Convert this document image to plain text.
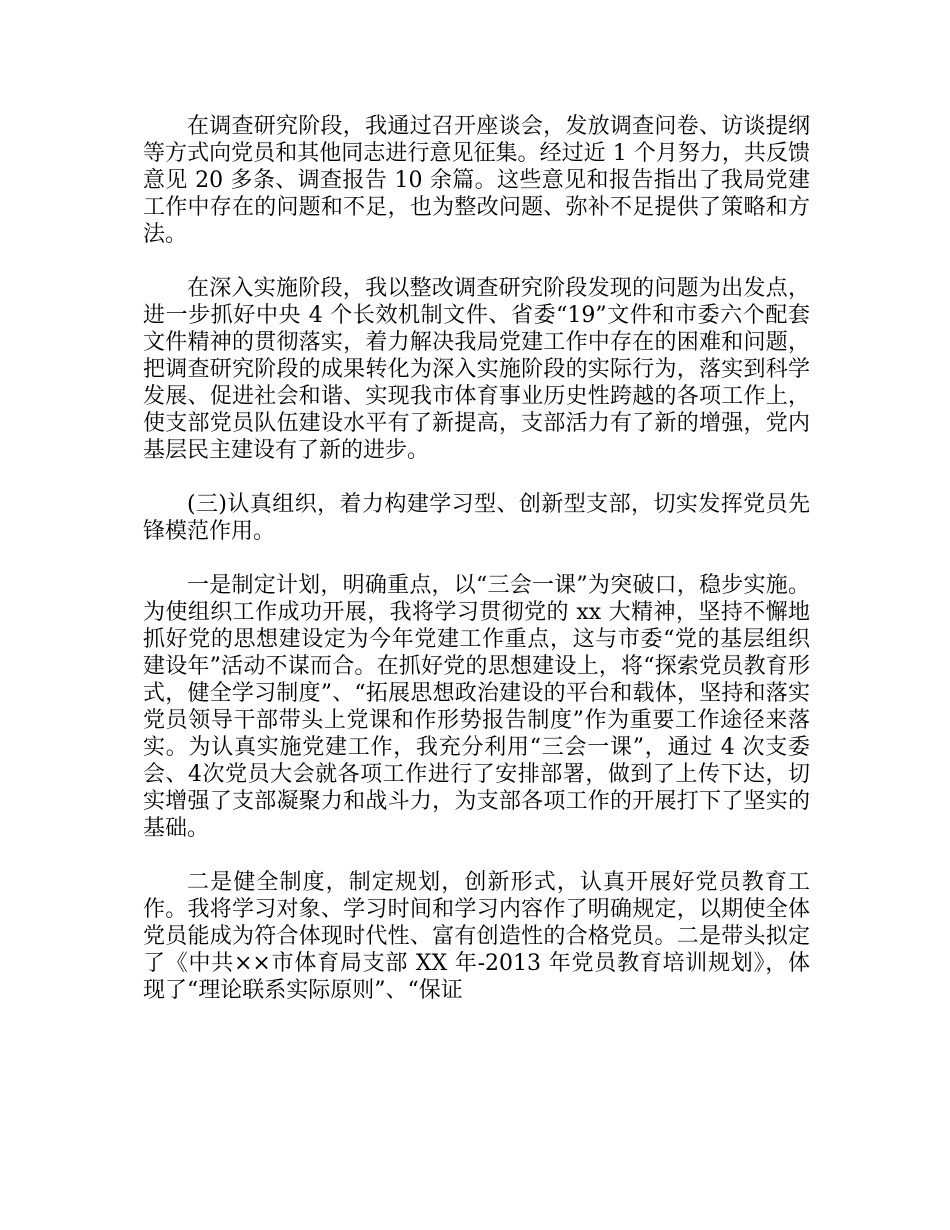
在调查研究阶段，我通过召开座谈会，发放调查问卷、访谈提纲等方式向党员和其他同志进行意见征集。经过近 1 个月努力，共反馈意见 20 多条、调查报告 10 余篇。这些意见和报告指出了我局党建工作中存在的问题和不足，也为整改问题、弥补不足提供了策略和方法。
在深入实施阶段，我以整改调查研究阶段发现的问题为出发点，进一步抓好中央 4 个长效机制文件、省委“19”文件和市委六个配套文件精神的贯彻落实，着力解决我局党建工作中存在的困难和问题，把调查研究阶段的成果转化为深入实施阶段的实际行为，落实到科学发展、促进社会和谐、实现我市体育事业历史性跨越的各项工作上，使支部党员队伍建设水平有了新提高，支部活力有了新的增强，党内基层民主建设有了新的进步。
(三)认真组织，着力构建学习型、创新型支部，切实发挥党员先锋模范作用。
一是制定计划，明确重点，以“三会一课”为突破口，稳步实施。为使组织工作成功开展，我将学习贯彻党的 xx 大精神，坚持不懈地抓好党的思想建设定为今年党建工作重点，这与市委“党的基层组织建设年”活动不谋而合。在抓好党的思想建设上，将“探索党员教育形式，健全学习制度”、“拓展思想政治建设的平台和载体，坚持和落实党员领导干部带头上党课和作形势报告制度”作为重要工作途径来落实。为认真实施党建工作，我充分利用“三会一课”，通过 4 次支委会、4次党员大会就各项工作进行了安排部署，做到了上传下达，切实增强了支部凝聚力和战斗力，为支部各项工作的开展打下了坚实的基础。
二是健全制度，制定规划，创新形式，认真开展好党员教育工作。我将学习对象、学习时间和学习内容作了明确规定，以期使全体党员能成为符合体现时代性、富有创造性的合格党员。二是带头拟定了《中共××市体育局支部 XX 年-2013 年党员教育培训规划》，体现了“理论联系实际原则”、“保证
